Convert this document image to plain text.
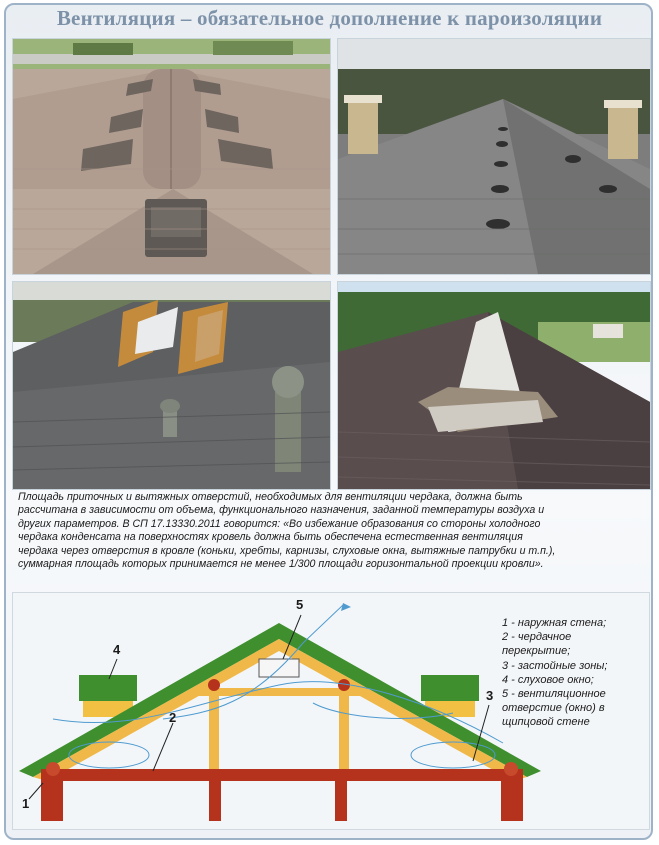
Вентиляция – обязательное дополнение к пароизоляции

Площадь приточных и вытяжных отверстий, необходимых для вентиляции чердака, должна быть

рассчитана в зависимости от объема, функционального назначения, заданной температуры воздуха и

других параметров. В СП 17.13330.2011 говорится: «Во избежание образования со стороны холодного

чердака конденсата на поверхностях кровель должна быть обеспечена естественная вентиляция

чердака через отверстия в кровле (коньки, хребты, карнизы, слуховые окна, вытяжные патрубки и т.п.),

суммарная площадь которых принимается не менее 1/300 площади горизонтальной проекции кровли».

4
2
5
3
1
1 - наружная стена;
2 - чердачное
перекрытие;
3 - застойные зоны;
4 - слуховое окно;
5 - вентиляционное
отверстие (окно) в
щипцовой стене
